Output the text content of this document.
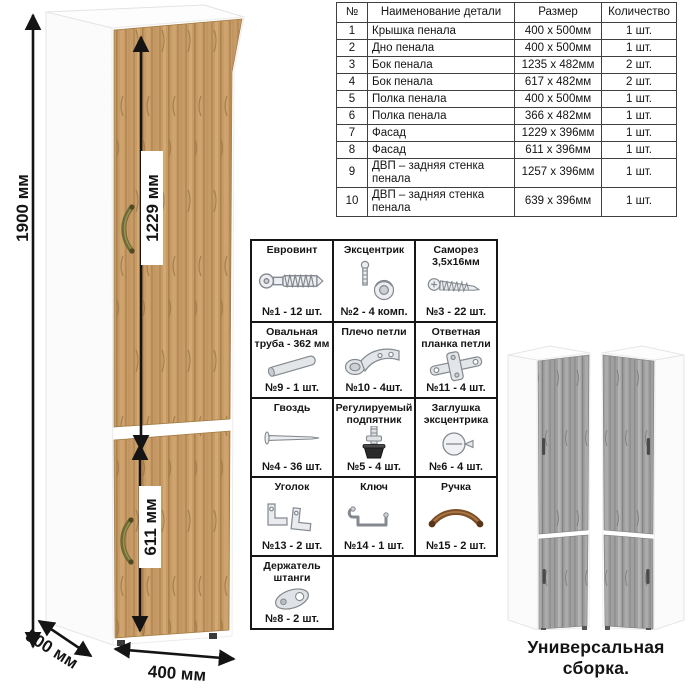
1900 мм	1229 мм
611 мм
400 мм
500 мм
№	Наименование детали	Размер	Количество
1	Крышка пенала	400 х 500мм	1 шт.
2	Дно пенала	400 х 500мм	1 шт.
3	Бок пенала	1235 х 482мм	2 шт.
4	Бок пенала	617 х 482мм	2 шт.
5	Полка пенала	400 х 500мм	1 шт.
6	Полка пенала	366 х 482мм	1 шт.
7	Фасад	1229 х 396мм	1 шт.
8	Фасад	611 х 396мм	1 шт.
9	ДВП – задняя стенка пенала	1257 х 396мм	1 шт.
10	ДВП – задняя стенка пенала	639 х 396мм	1 шт.
Евровинт
№1 - 12 шт.
Эксцентрик
№2 - 4 комп.
Саморез 3,5х16мм
№3 - 22 шт.
Овальная труба - 362 мм
№9 - 1 шт.
Плечо петли
№10 - 4шт.
Ответная планка петли
№11 - 4 шт.
Гвоздь
№4 - 36 шт.
Регулируемый подпятник
№5 - 4 шт.
Заглушка эксцентрика
№6 - 4 шт.
Уголок
№13 - 2 шт.
Ключ
№14 - 1 шт.
Ручка
№15 - 2 шт.
Держатель штанги
№8 - 2 шт.
Универсальная сборка.
